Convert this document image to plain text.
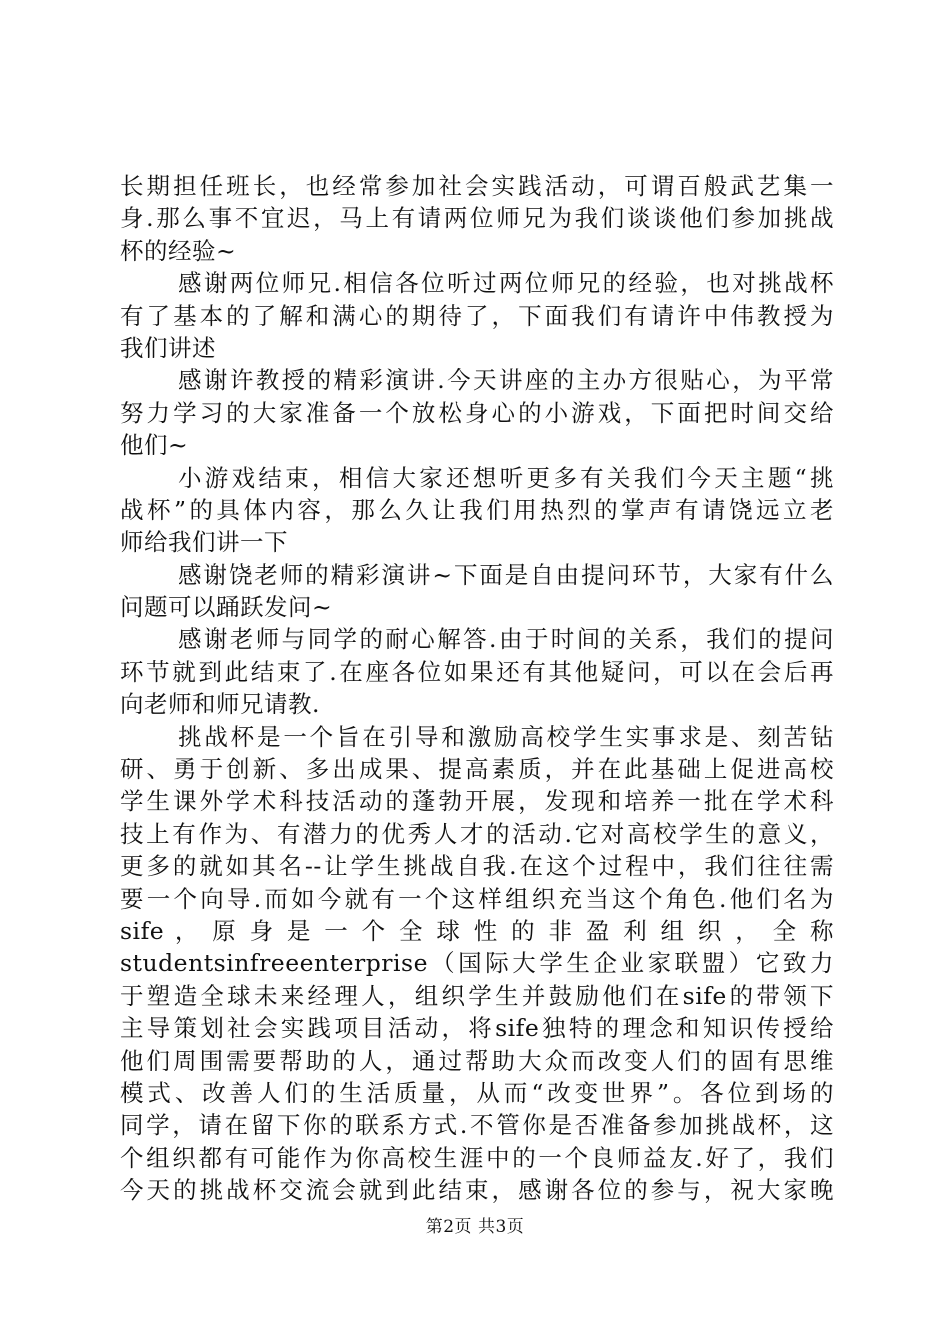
长期担任班长，也经常参加社会实践活动，可谓百般武艺集一
身.那么事不宜迟，马上有请两位师兄为我们谈谈他们参加挑战
杯的经验~
感谢两位师兄.相信各位听过两位师兄的经验，也对挑战杯
有了基本的了解和满心的期待了，下面我们有请许中伟教授为
我们讲述
感谢许教授的精彩演讲.今天讲座的主办方很贴心，为平常
努力学习的大家准备一个放松身心的小游戏，下面把时间交给
他们~
小游戏结束，相信大家还想听更多有关我们今天主题“挑
战杯”的具体内容，那么久让我们用热烈的掌声有请饶远立老
师给我们讲一下
感谢饶老师的精彩演讲~下面是自由提问环节，大家有什么
问题可以踊跃发问~
感谢老师与同学的耐心解答.由于时间的关系，我们的提问
环节就到此结束了.在座各位如果还有其他疑问，可以在会后再
向老师和师兄请教.
挑战杯是一个旨在引导和激励高校学生实事求是、刻苦钻
研、勇于创新、多出成果、提高素质，并在此基础上促进高校
学生课外学术科技活动的蓬勃开展，发现和培养一批在学术科
技上有作为、有潜力的优秀人才的活动.它对高校学生的意义，
更多的就如其名--让学生挑战自我.在这个过程中，我们往往需
要一个向导.而如今就有一个这样组织充当这个角色.他们名为
sife ， 原 身 是 一 个 全 球 性 的 非 盈 利 组 织 ， 全 称
studentsinfreeenterprise（国际大学生企业家联盟）它致力
于塑造全球未来经理人，组织学生并鼓励他们在sife的带领下
主导策划社会实践项目活动，将sife独特的理念和知识传授给
他们周围需要帮助的人，通过帮助大众而改变人们的固有思维
模式、改善人们的生活质量，从而“改变世界”。各位到场的
同学，请在留下你的联系方式.不管你是否准备参加挑战杯，这
个组织都有可能作为你高校生涯中的一个良师益友.好了，我们
今天的挑战杯交流会就到此结束，感谢各位的参与，祝大家晚
第2页 共3页
